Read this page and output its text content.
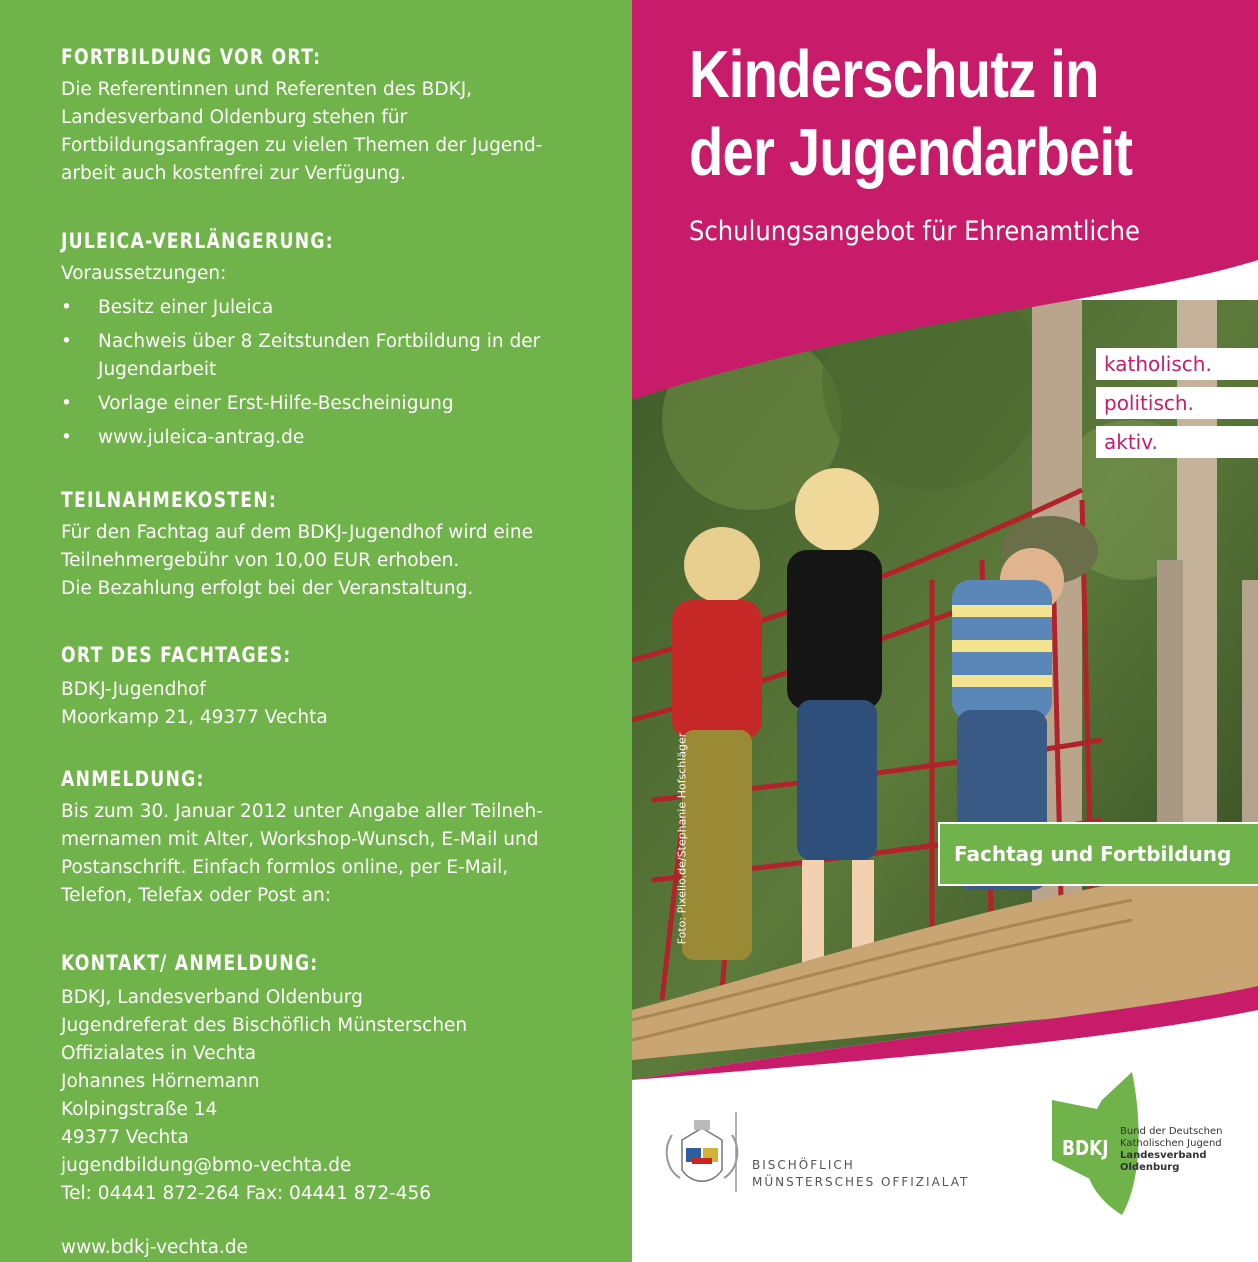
FORTBILDUNG VOR ORT:
Die Referentinnen und Referenten des BDKJ,
Landesverband Oldenburg stehen für
Fortbildungsanfragen zu vielen Themen der Jugend-
arbeit auch kostenfrei zur Verfügung.
JULEICA-VERLÄNGERUNG:
Voraussetzungen:
• Besitz einer Juleica
• Nachweis über 8 Zeitstunden Fortbildung in der
Jugendarbeit
• Vorlage einer Erst-Hilfe-Bescheinigung
• www.juleica-antrag.de
TEILNAHMEKOSTEN:
Für den Fachtag auf dem BDKJ-Jugendhof wird eine
Teilnehmergebühr von 10,00 EUR erhoben.
Die Bezahlung erfolgt bei der Veranstaltung.
ORT DES FACHTAGES:
BDKJ-Jugendhof
Moorkamp 21, 49377 Vechta
ANMELDUNG:
Bis zum 30. Januar 2012 unter Angabe aller Teilneh-
mernamen mit Alter, Workshop-Wunsch, E-Mail und
Postanschrift. Einfach formlos online, per E-Mail,
Telefon, Telefax oder Post an:
KONTAKT/ ANMELDUNG:
BDKJ, Landesverband Oldenburg
Jugendreferat des Bischöflich Münsterschen
Offizialates in Vechta
Johannes Hörnemann
Kolpingstraße 14
49377 Vechta
jugendbildung@bmo-vechta.de
Tel: 04441 872-264 Fax: 04441 872-456
www.bdkj-vechta.de
Kinderschutz in
der Jugendarbeit
Schulungsangebot für Ehrenamtliche
katholisch.
politisch.
aktiv.
Fachtag und Fortbildung
Foto: Pixelio.de/Stephanie Hofschläger
BISCHÖFLICH
MÜNSTERSCHES OFFIZIALAT
BDKJ
Bund der Deutschen
Katholischen Jugend
Landesverband
Oldenburg
